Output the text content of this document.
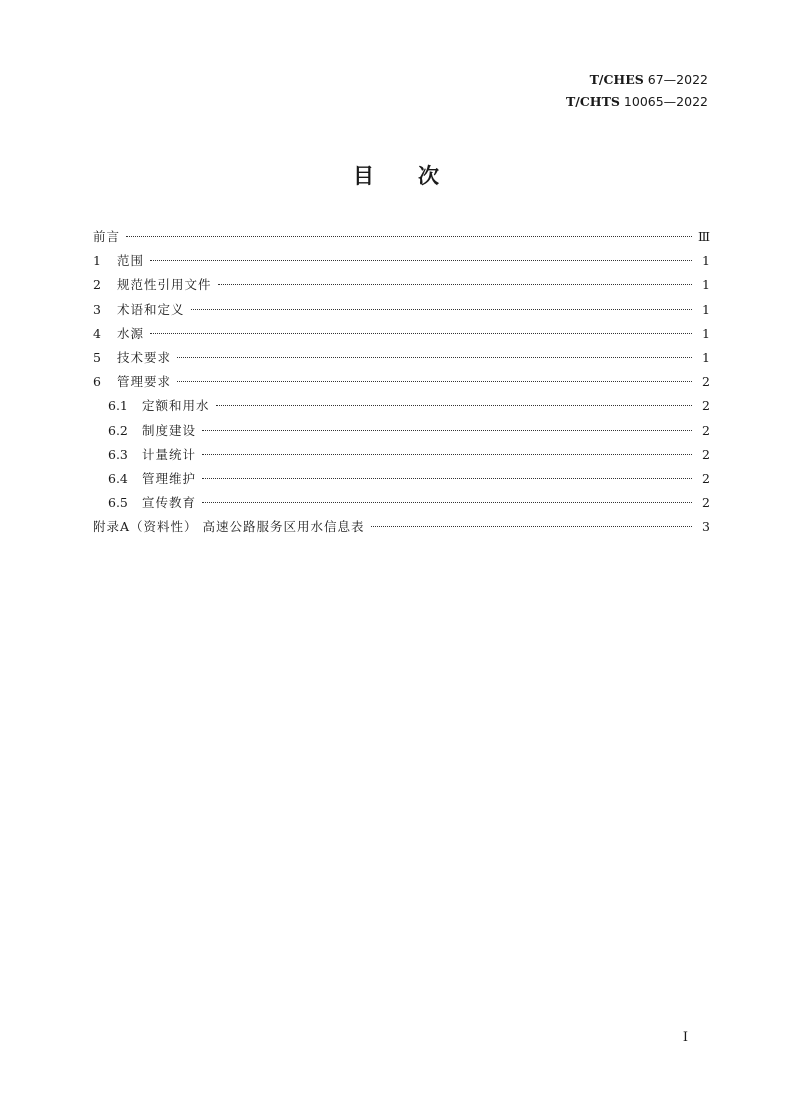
T/CHES 67—2022
T/CHTS 10065—2022
目次
前言	Ⅲ
1	范围	1
2	规范性引用文件	1
3	术语和定义	1
4	水源	1
5	技术要求	1
6	管理要求	2
6.1	定额和用水	2
6.2	制度建设	2
6.3	计量统计	2
6.4	管理维护	2
6.5	宣传教育	2
附录A（资料性） 高速公路服务区用水信息表	3
I
